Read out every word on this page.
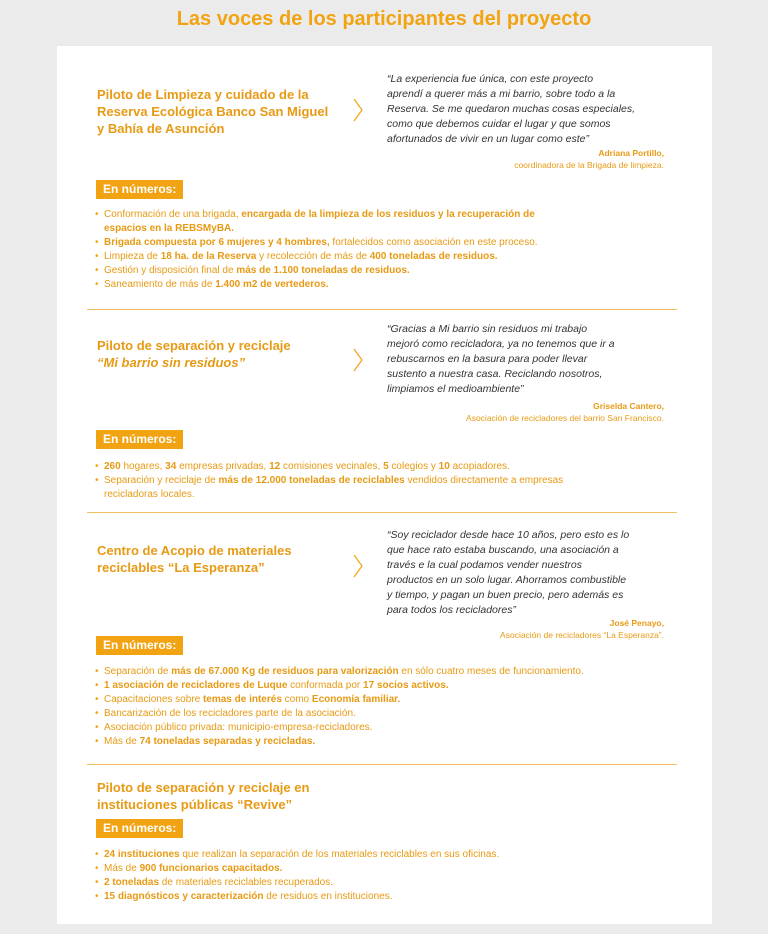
Las voces de los participantes del proyecto
Piloto de Limpieza y cuidado de la
Reserva Ecológica Banco San Miguel
y Bahía de Asunción
“La experiencia fue única, con este proyecto
aprendí a querer más a mi barrio, sobre todo a la
Reserva. Se me quedaron muchas cosas especiales,
como que debemos cuidar el lugar y que somos
afortunados de vivir en un lugar como este”
Adriana Portillo,
coordinadora de la Brigada de limpieza.
En números:
• Conformación de una brigada, encargada de la limpieza de los residuos y la recuperación de
espacios en la REBSMyBA.
• Brigada compuesta por 6 mujeres y 4 hombres, fortalecidos como asociación en este proceso.
• Limpieza de 18 ha. de la Reserva y recolección de más de 400 toneladas de residuos.
• Gestión y disposición final de más de 1.100 toneladas de residuos.
• Saneamiento de más de 1.400 m2 de vertederos.
Piloto de separación y reciclaje
“Mi barrio sin residuos”
“Gracias a Mi barrio sin residuos mi trabajo
mejoró como recicladora, ya no tenemos que ir a
rebuscarnos en la basura para poder llevar
sustento a nuestra casa. Reciclando nosotros,
limpiamos el medioambiente”
Griselda Cantero,
Asociación de recicladores del barrio San Francisco.
En números:
• 260 hogares, 34 empresas privadas, 12 comisiones vecinales, 5 colegios y 10 acopiadores.
• Separación y reciclaje de más de 12.000 toneladas de reciclables vendidos directamente a empresas
recicladoras locales.
Centro de Acopio de materiales
reciclables “La Esperanza”
“Soy reciclador desde hace 10 años, pero esto es lo
que hace rato estaba buscando, una asociación a
través e la cual podamos vender nuestros
productos en un solo lugar. Ahorramos combustible
y tiempo, y pagan un buen precio, pero además es
para todos los recicladores”
José Penayo,
Asociación de recicladores “La Esperanza”.
En números:
• Separación de más de 67.000 Kg de residuos para valorización en sólo cuatro meses de funcionamiento.
• 1 asociación de recicladores de Luque conformada por 17 socios activos.
• Capacitaciones sobre temas de interés como Economía familiar.
• Bancarización de los recicladores parte de la asociación.
• Asociación público privada: municipio-empresa-recicladores.
• Más de 74 toneladas separadas y recicladas.
Piloto de separación y reciclaje en
instituciones públicas “Revive”
En números:
• 24 instituciones que realizan la separación de los materiales reciclables en sus oficinas.
• Más de 900 funcionarios capacitados.
• 2 toneladas de materiales reciclables recuperados.
• 15 diagnósticos y caracterización de residuos en instituciones.
